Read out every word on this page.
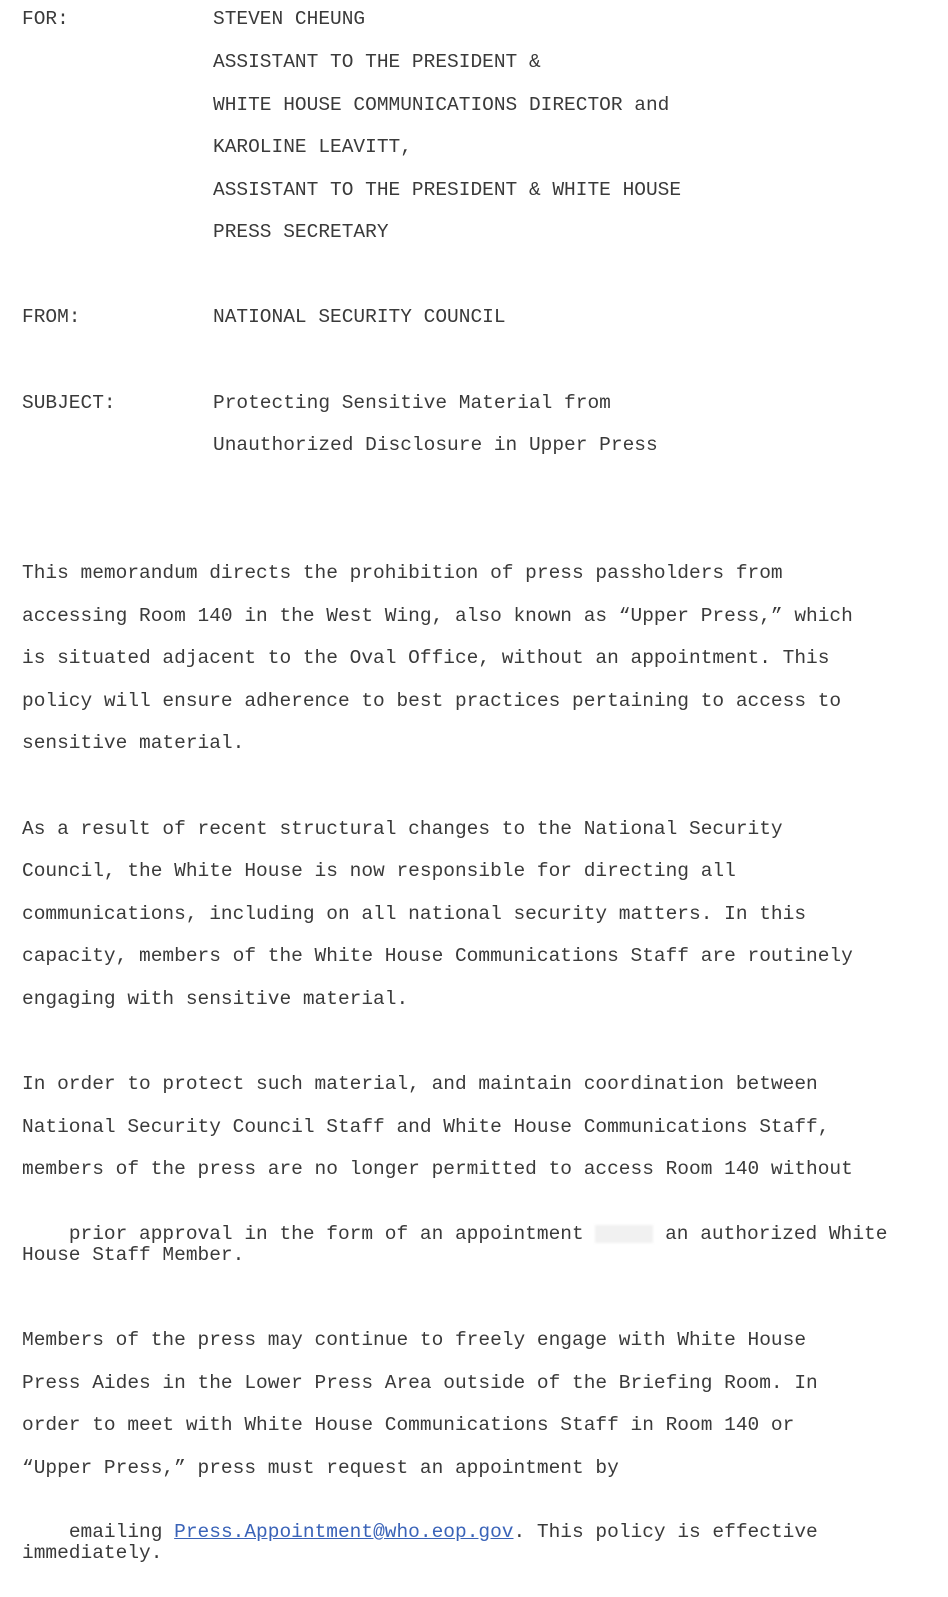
FOR:	STEVEN CHEUNG
ASSISTANT TO THE PRESIDENT &
WHITE HOUSE COMMUNICATIONS DIRECTOR and
KAROLINE LEAVITT,
ASSISTANT TO THE PRESIDENT & WHITE HOUSE
PRESS SECRETARY
FROM:	NATIONAL SECURITY COUNCIL
SUBJECT:	Protecting Sensitive Material from
Unauthorized Disclosure in Upper Press
This memorandum directs the prohibition of press passholders from
accessing Room 140 in the West Wing, also known as “Upper Press,” which
is situated adjacent to the Oval Office, without an appointment. This
policy will ensure adherence to best practices pertaining to access to
sensitive material.
As a result of recent structural changes to the National Security
Council, the White House is now responsible for directing all
communications, including on all national security matters. In this
capacity, members of the White House Communications Staff are routinely
engaging with sensitive material.
In order to protect such material, and maintain coordination between
National Security Council Staff and White House Communications Staff,
members of the press are no longer permitted to access Room 140 without

prior approval in the form of an appointment	an authorized White

House Staff Member.
Members of the press may continue to freely engage with White House
Press Aides in the Lower Press Area outside of the Briefing Room. In
order to meet with White House Communications Staff in Room 140 or
“Upper Press,” press must request an appointment by

emailing Press.Appointment@who.eop.gov. This policy is effective

immediately.
